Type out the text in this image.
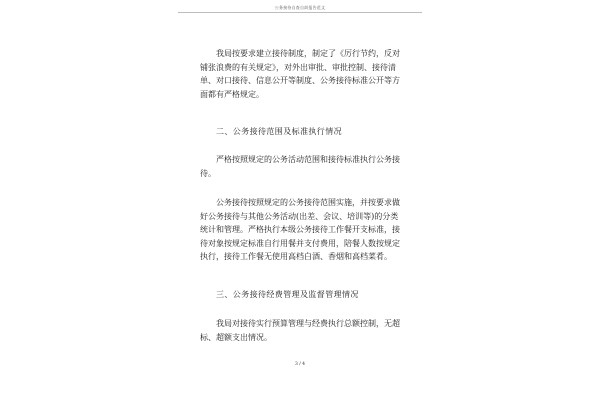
公务接待自查自纠报告范文

我局按要求建立接待制度，制定了《厉行节约，反对铺张浪费的有关规定》，对外出审批、审批控制、接待清单、对口接待、信息公开等制度、公务接待标准公开等方面都有严格规定。

二、公务接待范围及标准执行情况

严格按照规定的公务活动范围和接待标准执行公务接待。

公务接待按照规定的公务接待范围实施，并按要求做好公务接待与其他公务活动(出差、会议、培训等)的分类统计和管理。严格执行本级公务接待工作餐开支标准，接待对象按规定标准自行用餐并支付费用，陪餐人数按规定执行，接待工作餐无使用高档白酒、香烟和高档菜肴。

三、公务接待经费管理及监督管理情况

我局对接待实行预算管理与经费执行总额控制，无超标、超额支出情况。

3 / 4
